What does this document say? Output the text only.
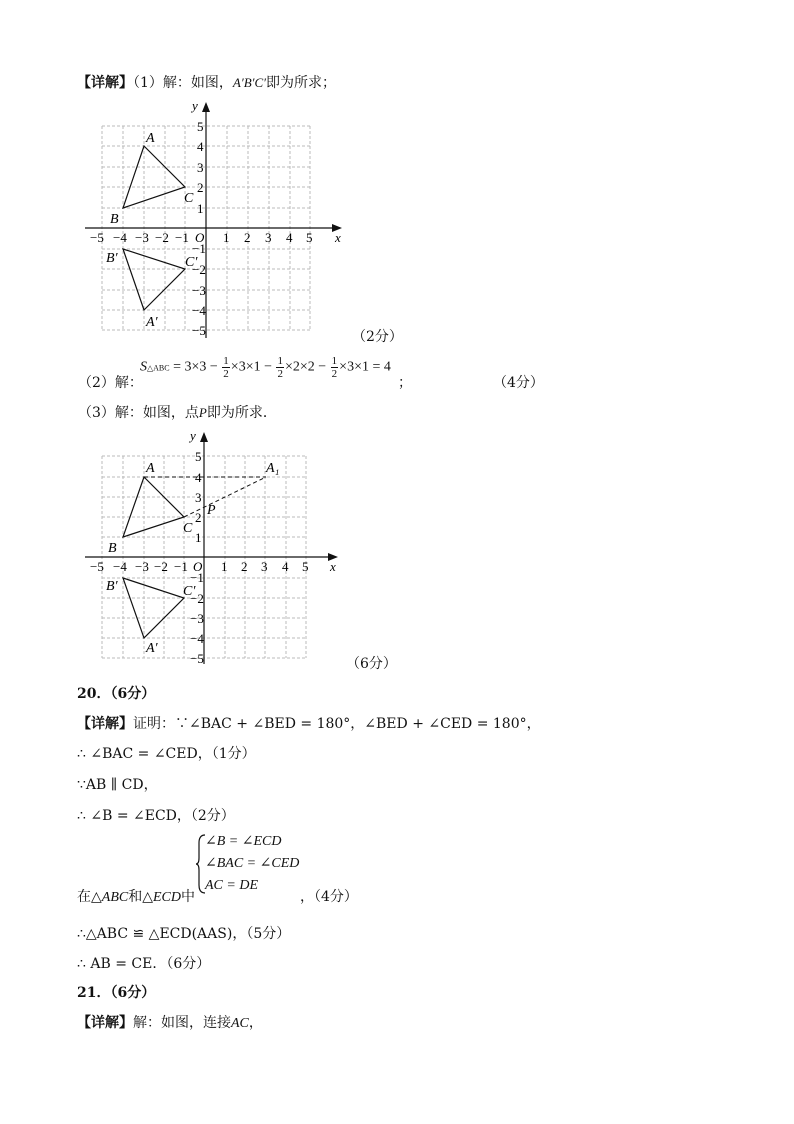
【详解】（1）解：如图，A′B′C′即为所求；
x
y
O
−5 −4 −3 −2 −1	1 2 3 4 5
1
2
3
4
5
−1
−2
−3
−4
−5
A
B
C
A′
B′	C′
（2分）
（2）解：
S△ABC = $3\times 3 - \frac{1}{2} \times 3\times 1 - \frac{1}{2} \times 2\times 2 - \frac{1}{2} \times 3\times 1 = 4$
；	（4分）
（3）解：如图，点P即为所求．
x
y
O
−5 −4 −3 −2 −1	1 2 3 4 5
1
2
3
4
5
−1
−2
−3
−4
−5
A
B
C
A₁
P
A′
B′	C′
（6分）
20．（6分）
【详解】证明：∵∠BAC + ∠BED = 180°，∠BED + ∠CED = 180°，
∴ ∠BAC = ∠CED，（1分）
∵AB ∥ CD，
∴ ∠B = ∠ECD，（2分）
∠B = ∠ECD
∠BAC = ∠CED
AC = DE
在△ABC和△ECD中	，（4分）
∴△ABC ≌ △ECD(AAS)，（5分）
∴ AB = CE．（6分）
21．（6分）
【详解】解：如图，连接AC，
